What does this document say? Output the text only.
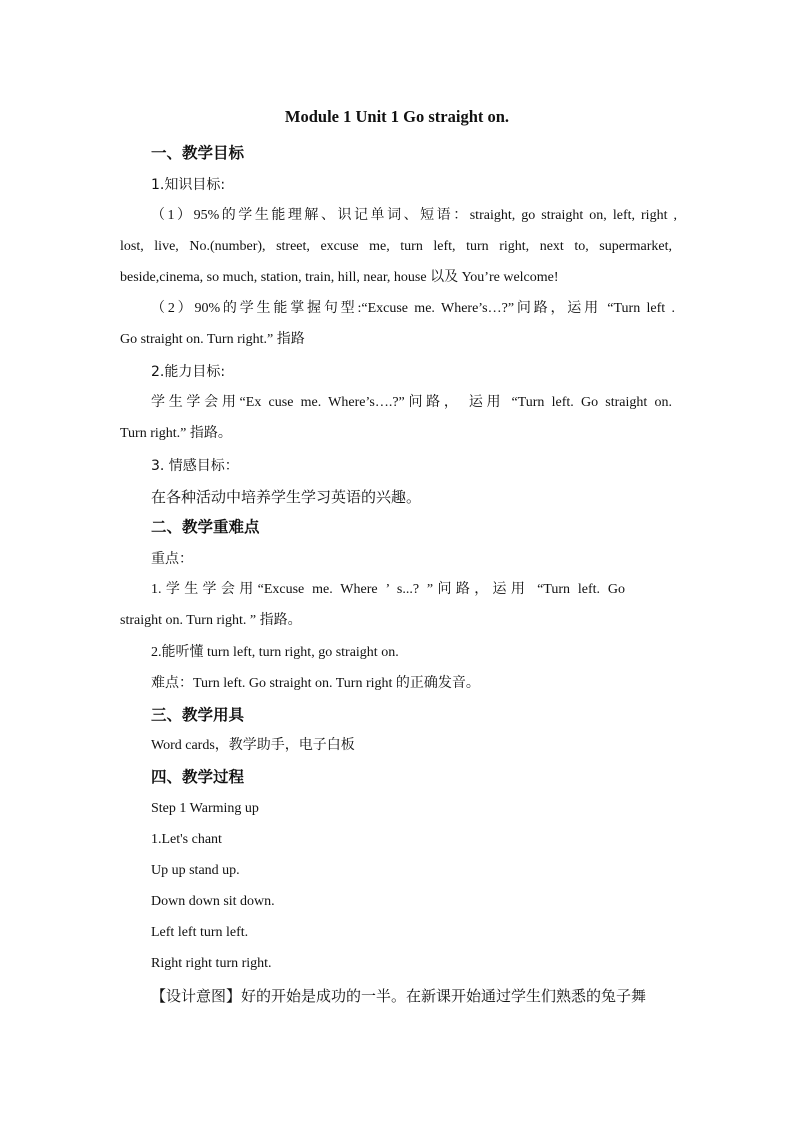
Module 1 Unit 1 Go straight on.
一、教学目标
1.知识目标:
（1）95%的学生能理解、识记单词、短语：straight, go straight on, left, right ,
lost, live, No.(number), street, excuse me, turn left, turn right, next to, supermarket,
beside,cinema, so much, station, train, hill, near, house 以及 You’re welcome!
（2）90%的学生能掌握句型:“Excuse me. Where’s…?”问路，运用 “Turn left .
Go straight on. Turn right.” 指路
2.能力目标:
学生学会用“Ex cuse me. Where’s….?”问路， 运用 “Turn left. Go straight on.
Turn right.” 指路。
3. 情感目标：
在各种活动中培养学生学习英语的兴趣。
二、教学重难点
重点：
1.学生学会用“Excuse me. Where ’ s...? ”问路，运用 “Turn left. Go
straight on. Turn right. ” 指路。
2.能听懂 turn left, turn right, go straight on.
难点：Turn left. Go straight on. Turn right 的正确发音。
三、教学用具
Word cards，教学助手，电子白板
四、教学过程
Step 1 Warming up
1.Let's chant
Up up stand up.
Down down sit down.
Left left turn left.
Right right turn right.
【设计意图】好的开始是成功的一半。在新课开始通过学生们熟悉的兔子舞
